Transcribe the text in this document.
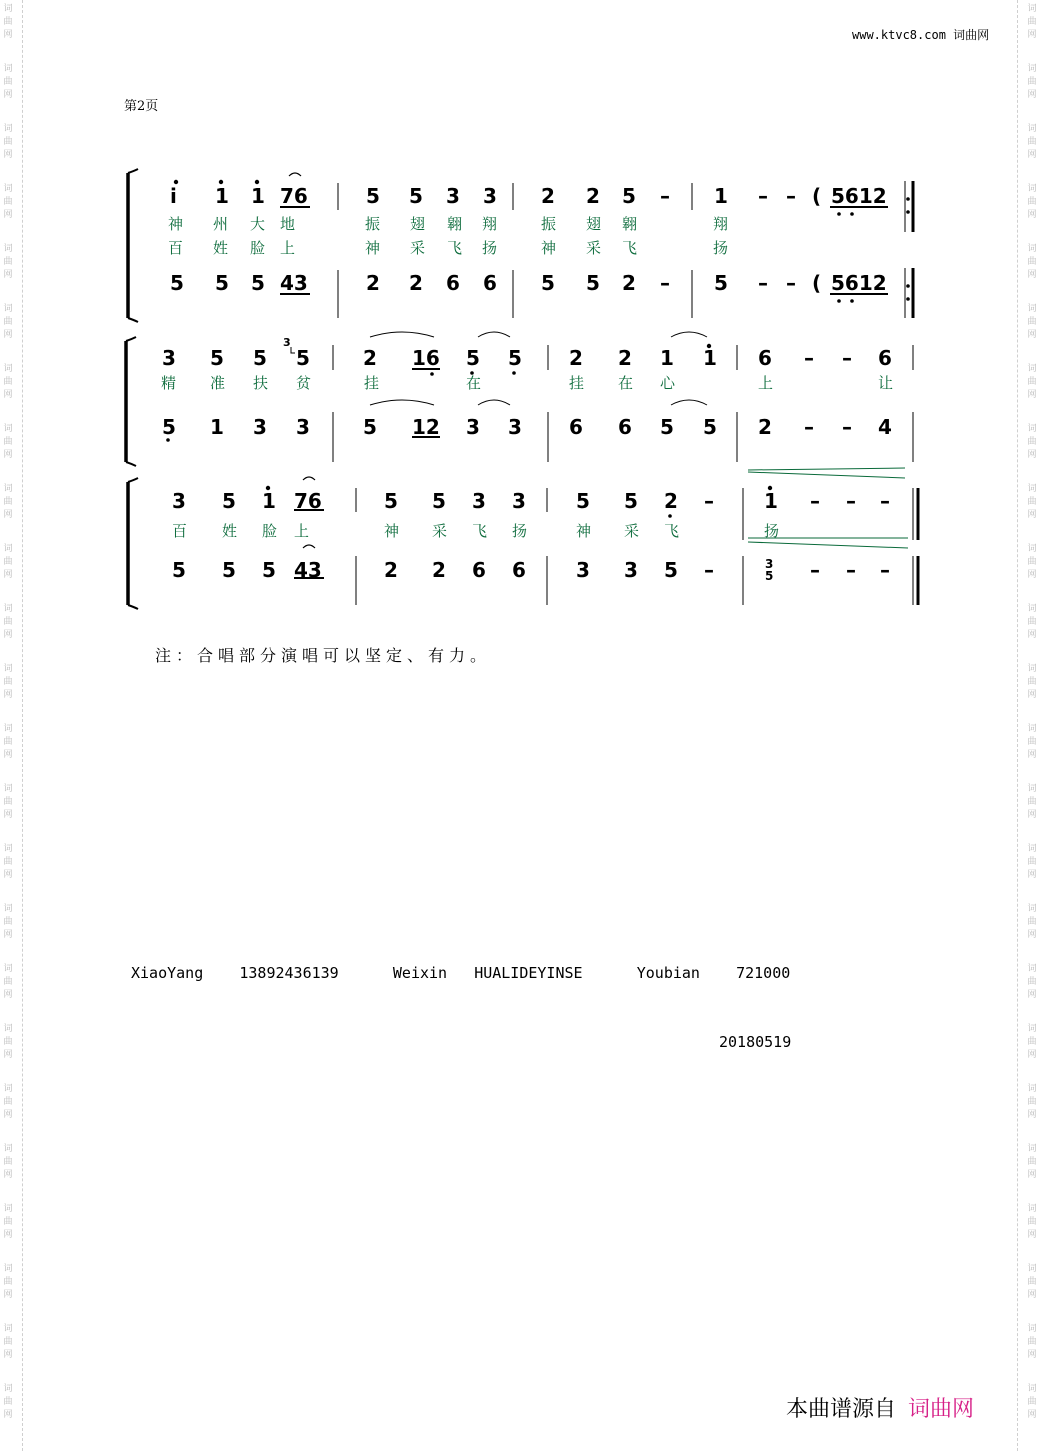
词
曲
网
词
曲
网
词
曲
网
词
曲
网
词
曲
网
词
曲
网
词
曲
网
词
曲
网
词
曲
网
词
曲
网
词
曲
网
词
曲
网
词
曲
网
词
曲
网
词
曲
网
词
曲
网
词
曲
网
词
曲
网
词
曲
网
词
曲
网
词
曲
网
词
曲
网
词
曲
网
词
曲
网
词
曲
网
词
曲
网
词
曲
网
词
曲
网
词
曲
网
词
曲
网
词
曲
网
词
曲
网
词
曲
网
词
曲
网
词
曲
网
词
曲
网
词
曲
网
词
曲
网
词
曲
网
词
曲
网
词
曲
网
词
曲
网
词
曲
网
词
曲
网
词
曲
网
词
曲
网
词
曲
网
词
曲
网
www.ktvc8.com 词曲网
第2页
i 1 1 76	5 5 3 3 2 2 5 – 1 – – ( 5612
神 州 大 地	振 翅 翱 翔	振 翅 翱	翔
百 姓 脸 上	神 采 飞 扬	神 采 飞	扬
5 5 5 43	2 2 6 6 5 5 2 – 5 – – ( 5612
3 5 5
3
5	2 16 5 5 2 2 1 1 6 – – 6
精 准 扶 贫	挂	在	挂 在 心	上	让
5 1 3 3	5 12 3 3 6 6 5 5 2 – – 4
3 5 1 76	5 5 3 3	5 5 2 –	1 – – –
百 姓 脸 上	神 采 飞 扬	神 采 飞	扬
5 5 5 43	2 2 6 6	3 3 5 –	3
5 – – –
注：合唱部分演唱可以坚定、有力。
XiaoYang 13892436139	Weixin HUALIDEYINSE	Youbian 721000
20180519
本曲谱源自 词曲网
